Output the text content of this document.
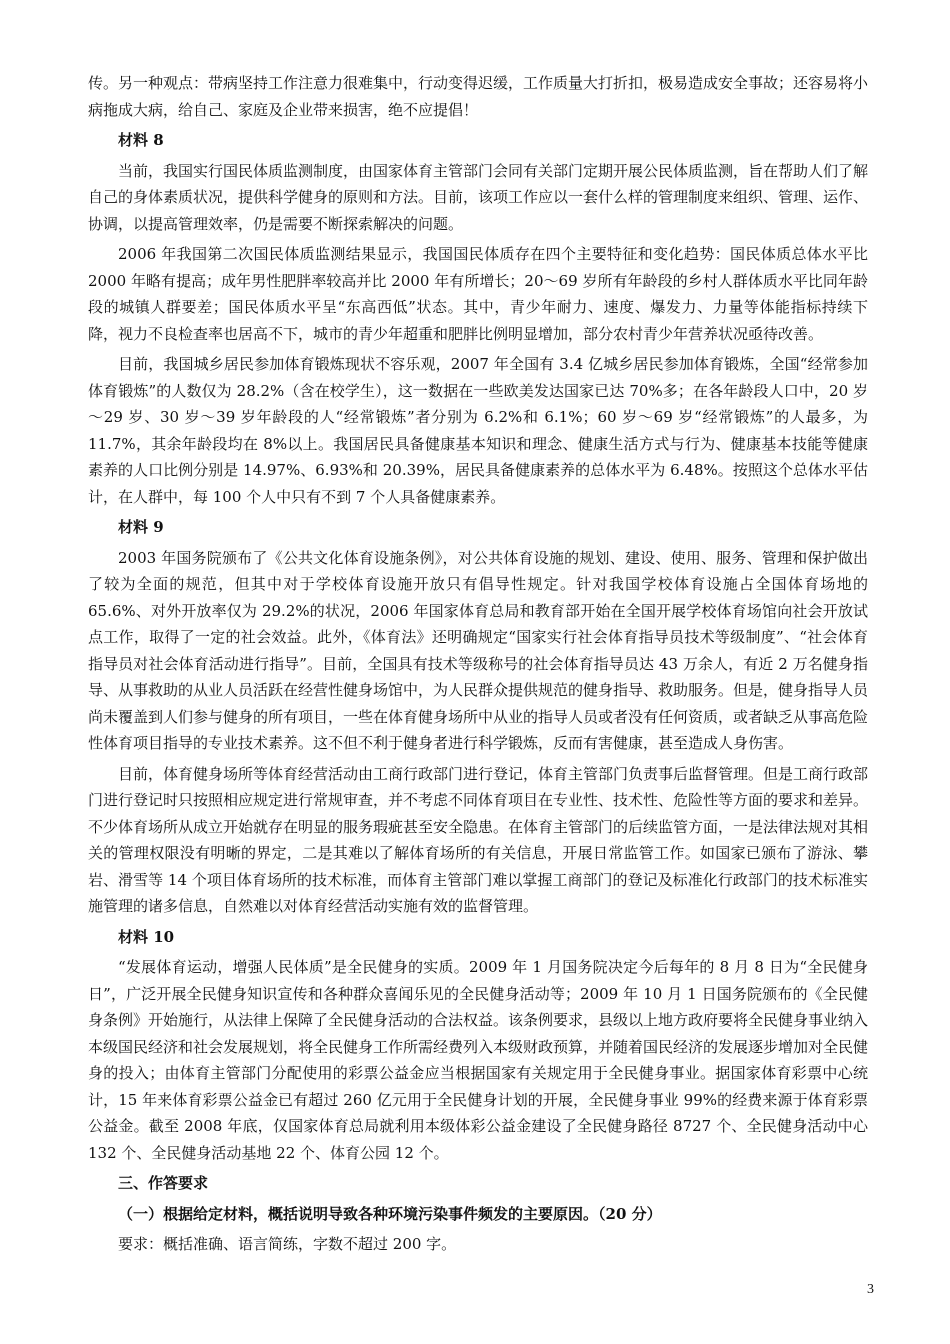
传。另一种观点：带病坚持工作注意力很难集中，行动变得迟缓，工作质量大打折扣，极易造成安全事故；还容易将小病拖成大病，给自己、家庭及企业带来损害，绝不应提倡！

材料 8

当前，我国实行国民体质监测制度，由国家体育主管部门会同有关部门定期开展公民体质监测，旨在帮助人们了解自己的身体素质状况，提供科学健身的原则和方法。目前，该项工作应以一套什么样的管理制度来组织、管理、运作、协调，以提高管理效率，仍是需要不断探索解决的问题。

2006 年我国第二次国民体质监测结果显示，我国国民体质存在四个主要特征和变化趋势：国民体质总体水平比 2000 年略有提高；成年男性肥胖率较高并比 2000 年有所增长；20～69 岁所有年龄段的乡村人群体质水平比同年龄段的城镇人群要差；国民体质水平呈“东高西低”状态。其中，青少年耐力、速度、爆发力、力量等体能指标持续下降，视力不良检查率也居高不下，城市的青少年超重和肥胖比例明显增加，部分农村青少年营养状况亟待改善。

目前，我国城乡居民参加体育锻炼现状不容乐观，2007 年全国有 3.4 亿城乡居民参加体育锻炼，全国“经常参加体育锻炼”的人数仅为 28.2%（含在校学生），这一数据在一些欧美发达国家已达 70%多；在各年龄段人口中，20 岁～29 岁、30 岁～39 岁年龄段的人“经常锻炼”者分别为 6.2%和 6.1%；60 岁～69 岁“经常锻炼”的人最多，为 11.7%，其余年龄段均在 8%以上。我国居民具备健康基本知识和理念、健康生活方式与行为、健康基本技能等健康素养的人口比例分别是 14.97%、6.93%和 20.39%，居民具备健康素养的总体水平为 6.48%。按照这个总体水平估计，在人群中，每 100 个人中只有不到 7 个人具备健康素养。

材料 9

2003 年国务院颁布了《公共文化体育设施条例》，对公共体育设施的规划、建设、使用、服务、管理和保护做出了较为全面的规范，但其中对于学校体育设施开放只有倡导性规定。针对我国学校体育设施占全国体育场地的 65.6%、对外开放率仅为 29.2%的状况，2006 年国家体育总局和教育部开始在全国开展学校体育场馆向社会开放试点工作，取得了一定的社会效益。此外，《体育法》还明确规定“国家实行社会体育指导员技术等级制度”、“社会体育指导员对社会体育活动进行指导”。目前，全国具有技术等级称号的社会体育指导员达 43 万余人，有近 2 万名健身指导、从事救助的从业人员活跃在经营性健身场馆中，为人民群众提供规范的健身指导、救助服务。但是，健身指导人员尚未覆盖到人们参与健身的所有项目，一些在体育健身场所中从业的指导人员或者没有任何资质，或者缺乏从事高危险性体育项目指导的专业技术素养。这不但不利于健身者进行科学锻炼，反而有害健康，甚至造成人身伤害。

目前，体育健身场所等体育经营活动由工商行政部门进行登记，体育主管部门负责事后监督管理。但是工商行政部门进行登记时只按照相应规定进行常规审查，并不考虑不同体育项目在专业性、技术性、危险性等方面的要求和差异。不少体育场所从成立开始就存在明显的服务瑕疵甚至安全隐患。在体育主管部门的后续监管方面，一是法律法规对其相关的管理权限没有明晰的界定，二是其难以了解体育场所的有关信息，开展日常监管工作。如国家已颁布了游泳、攀岩、滑雪等 14 个项目体育场所的技术标准，而体育主管部门难以掌握工商部门的登记及标准化行政部门的技术标准实施管理的诸多信息，自然难以对体育经营活动实施有效的监督管理。

材料 10

“发展体育运动，增强人民体质”是全民健身的实质。2009 年 1 月国务院决定今后每年的 8 月 8 日为“全民健身日”，广泛开展全民健身知识宣传和各种群众喜闻乐见的全民健身活动等；2009 年 10 月 1 日国务院颁布的《全民健身条例》开始施行，从法律上保障了全民健身活动的合法权益。该条例要求，县级以上地方政府要将全民健身事业纳入本级国民经济和社会发展规划，将全民健身工作所需经费列入本级财政预算，并随着国民经济的发展逐步增加对全民健身的投入；由体育主管部门分配使用的彩票公益金应当根据国家有关规定用于全民健身事业。据国家体育彩票中心统计，15 年来体育彩票公益金已有超过 260 亿元用于全民健身计划的开展，全民健身事业 99%的经费来源于体育彩票公益金。截至 2008 年底，仅国家体育总局就利用本级体彩公益金建设了全民健身路径 8727 个、全民健身活动中心 132 个、全民健身活动基地 22 个、体育公园 12 个。

三、作答要求

（一）根据给定材料，概括说明导致各种环境污染事件频发的主要原因。（20 分）

要求：概括准确、语言简练，字数不超过 200 字。

3
